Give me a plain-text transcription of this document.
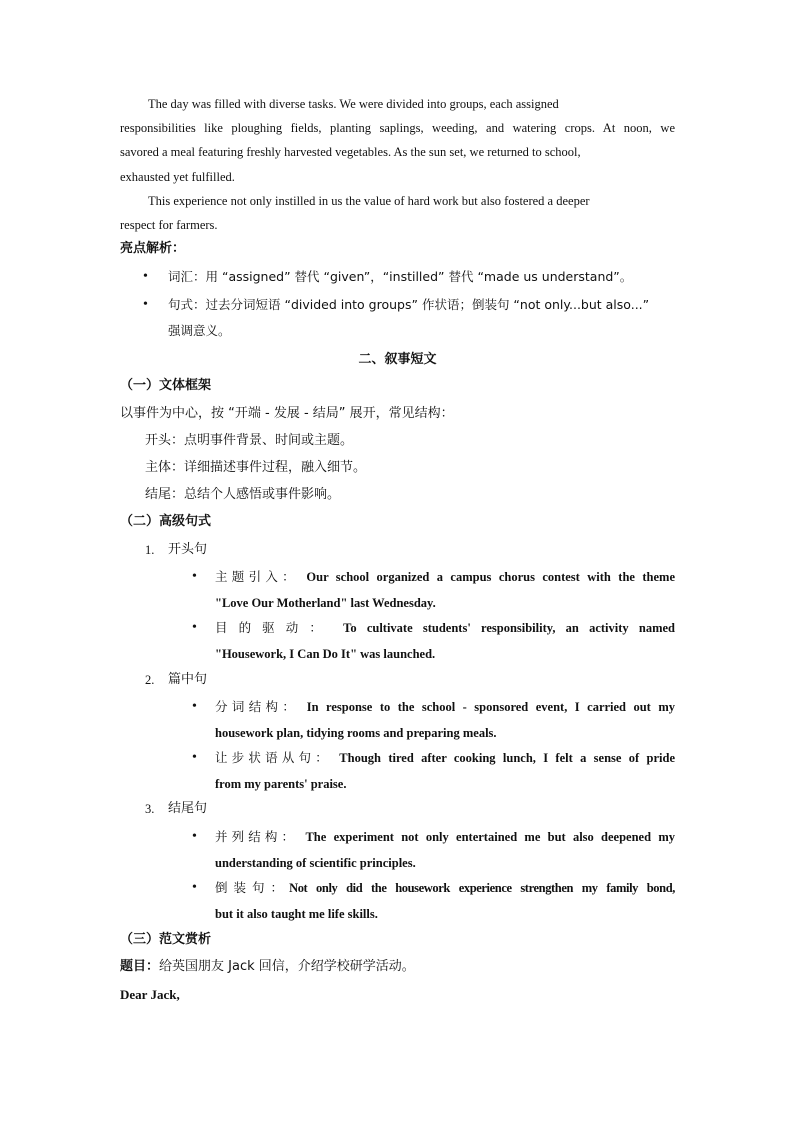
The day was filled with diverse tasks. We were divided into groups, each assigned
responsibilities like ploughing fields, planting saplings, weeding, and watering crops. At noon, we
savored a meal featuring freshly harvested vegetables. As the sun set, we returned to school,
exhausted yet fulfilled.
This experience not only instilled in us the value of hard work but also fostered a deeper
respect for farmers.
亮点解析：
• 词汇：用 “assigned” 替代 “given”，“instilled” 替代 “made us understand”。
• 句式：过去分词短语 “divided into groups” 作状语；倒装句 “not only...but also...”
强调意义。
二、叙事短文
（一）文体框架
以事件为中心，按 “开端 - 发展 - 结局” 展开，常见结构：
开头：点明事件背景、时间或主题。
主体：详细描述事件过程，融入细节。
结尾：总结个人感悟或事件影响。
（二）高级句式
1. 开头句
• 主题引入： Our school organized a campus chorus contest with the theme
"Love Our Motherland" last Wednesday.
• 目的驱动： To cultivate students' responsibility, an activity named
"Housework, I Can Do It" was launched.
2. 篇中句
• 分词结构： In response to the school - sponsored event, I carried out my
housework plan, tidying rooms and preparing meals.
• 让步状语从句： Though tired after cooking lunch, I felt a sense of pride
from my parents' praise.
3. 结尾句
• 并列结构： The experiment not only entertained me but also deepened my
understanding of scientific principles.
• 倒装句：Not only did the housework experience strengthen my family bond,
but it also taught me life skills.
（三）范文赏析
题目：给英国朋友 Jack 回信，介绍学校研学活动。
Dear Jack,
